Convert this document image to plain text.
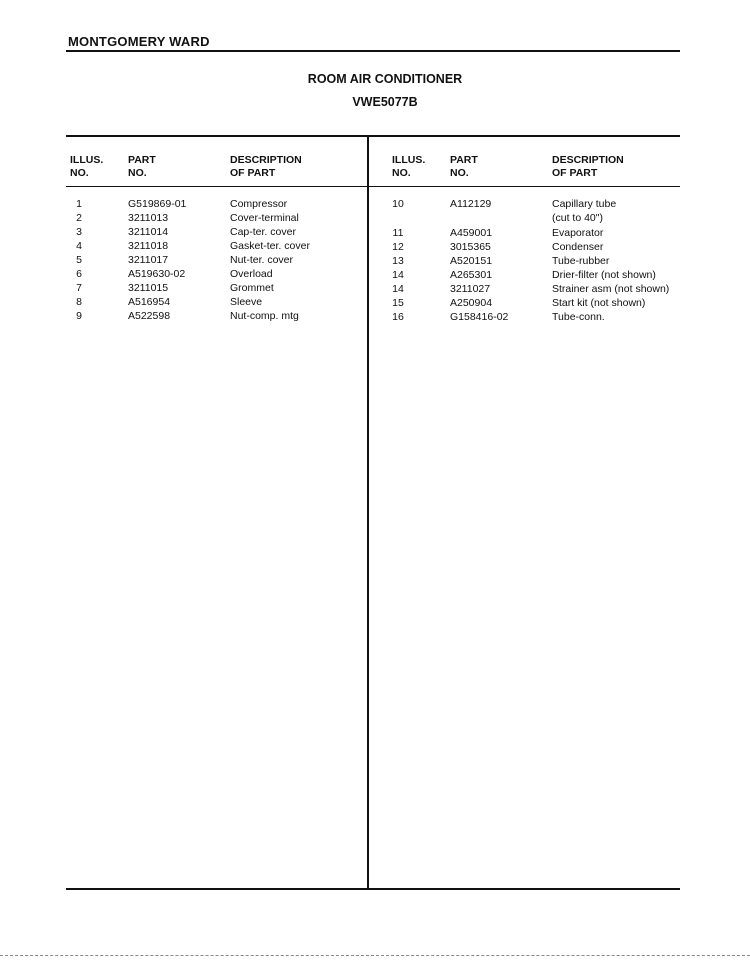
MONTGOMERY WARD
ROOM AIR CONDITIONER
VWE5077B
ILLUS.
NO.
PART
NO.
DESCRIPTION
OF PART
ILLUS.
NO.
PART
NO.
DESCRIPTION
OF PART
1	G519869-01	Compressor
2	3211013	Cover-terminal
3	3211014	Cap-ter. cover
4	3211018	Gasket-ter. cover
5	3211017	Nut-ter. cover
6	A519630-02	Overload
7	3211015	Grommet
8	A516954	Sleeve
9	A522598	Nut-comp. mtg
10	A112129	Capillary tube
(cut to 40")
11	A459001	Evaporator
12	3015365	Condenser
13	A520151	Tube-rubber
14	A265301	Drier-filter (not shown)
14	3211027	Strainer asm (not shown)
15	A250904	Start kit (not shown)
16	G158416-02	Tube-conn.
